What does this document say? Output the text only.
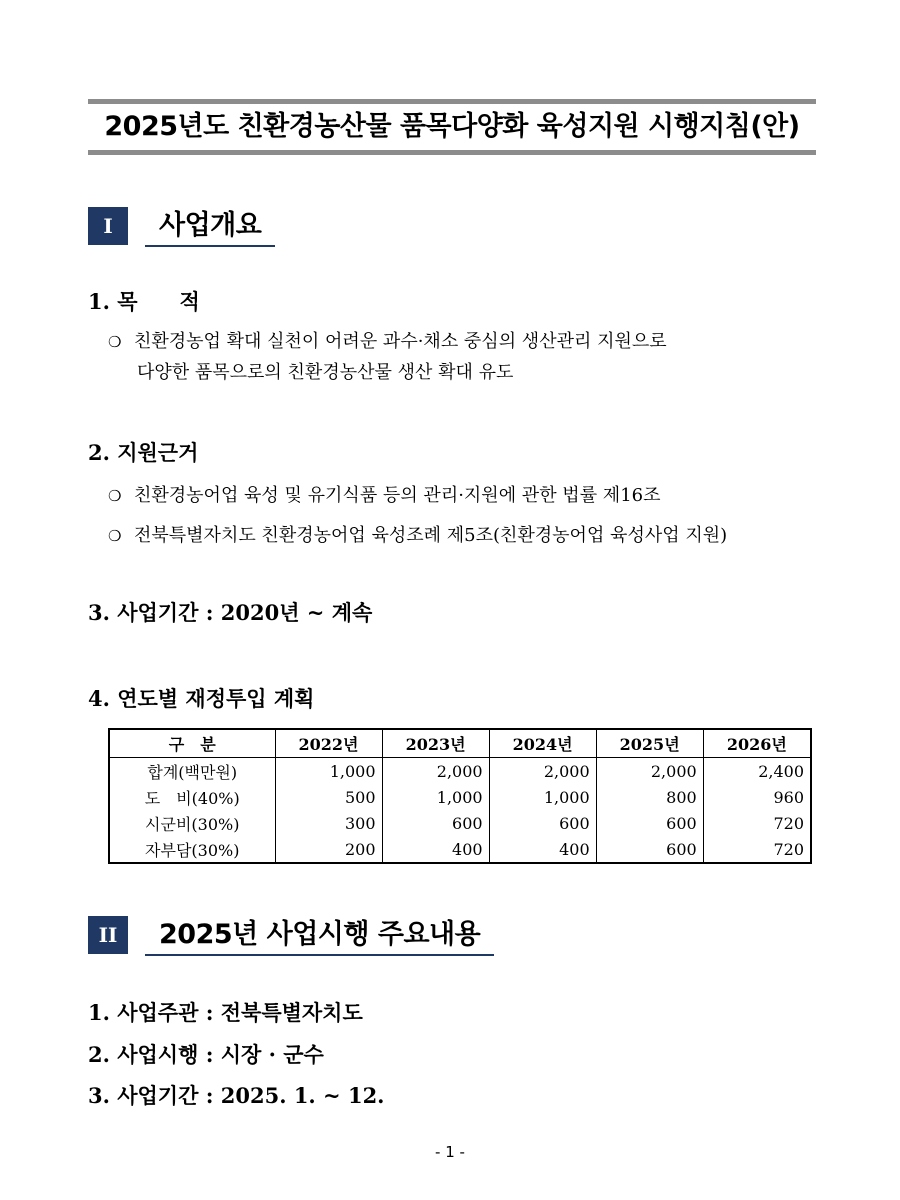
2025년도 친환경농산물 품목다양화 육성지원 시행지침(안)
I	사업개요
1. 목　　적
❍ 친환경농업 확대 실천이 어려운 과수·채소 중심의 생산관리 지원으로
다양한 품목으로의 친환경농산물 생산 확대 유도
2. 지원근거
❍ 친환경농어업 육성 및 유기식품 등의 관리·지원에 관한 법률 제16조
❍ 전북특별자치도 친환경농어업 육성조례 제5조(친환경농어업 육성사업 지원)
3. 사업기간 : 2020년 ~ 계속
4. 연도별 재정투입 계획
구　분	2022년	2023년	2024년	2025년	2026년
합계(백만원)	1,000	2,000	2,000	2,000	2,400
도　비(40%)	500	1,000	1,000	800	960
시군비(30%)	300	600	600	600	720
자부담(30%)	200	400	400	600	720
II	2025년 사업시행 주요내용
1. 사업주관 : 전북특별자치도
2. 사업시행 : 시장 · 군수
3. 사업기간 : 2025. 1. ~ 12.
- 1 -
